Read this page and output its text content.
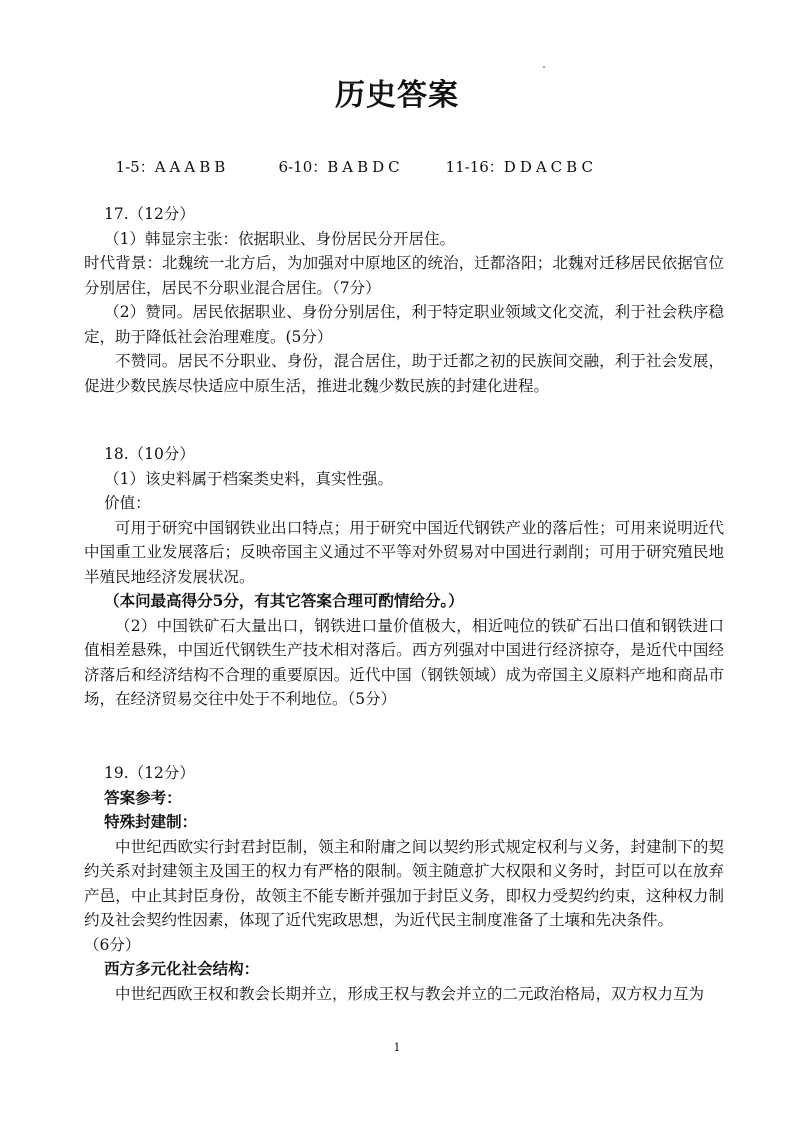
历史答案

1-5：AAABB	6-10：BABDC	11-16：DDACBC

17.（12分）

（1）韩显宗主张：依据职业、身份居民分开居住。

时代背景：北魏统一北方后，为加强对中原地区的统治，迁都洛阳；北魏对迁移居民依据官位分别居住，居民不分职业混合居住。（7分）

（2）赞同。居民依据职业、身份分别居住，利于特定职业领域文化交流，利于社会秩序稳定，助于降低社会治理难度。(5分）

不赞同。居民不分职业、身份，混合居住，助于迁都之初的民族间交融，利于社会发展，促进少数民族尽快适应中原生活，推进北魏少数民族的封建化进程。

18.（10分）

（1）该史料属于档案类史料，真实性强。

价值：

可用于研究中国钢铁业出口特点；用于研究中国近代钢铁产业的落后性；可用来说明近代中国重工业发展落后；反映帝国主义通过不平等对外贸易对中国进行剥削；可用于研究殖民地半殖民地经济发展状况。

（本问最高得分5分，有其它答案合理可酌情给分。）

（2）中国铁矿石大量出口，钢铁进口量价值极大，相近吨位的铁矿石出口值和钢铁进口值相差悬殊，中国近代钢铁生产技术相对落后。西方列强对中国进行经济掠夺，是近代中国经济落后和经济结构不合理的重要原因。近代中国（钢铁领域）成为帝国主义原料产地和商品市场，在经济贸易交往中处于不利地位。（5分）

19.（12分）

答案参考：

特殊封建制：

中世纪西欧实行封君封臣制，领主和附庸之间以契约形式规定权利与义务，封建制下的契约关系对封建领主及国王的权力有严格的限制。领主随意扩大权限和义务时，封臣可以在放弃产邑，中止其封臣身份，故领主不能专断并强加于封臣义务，即权力受契约约束，这种权力制约及社会契约性因素，体现了近代宪政思想，为近代民主制度准备了土壤和先决条件。

（6分）

西方多元化社会结构：

中世纪西欧王权和教会长期并立，形成王权与教会并立的二元政治格局，双方权力互为

1
